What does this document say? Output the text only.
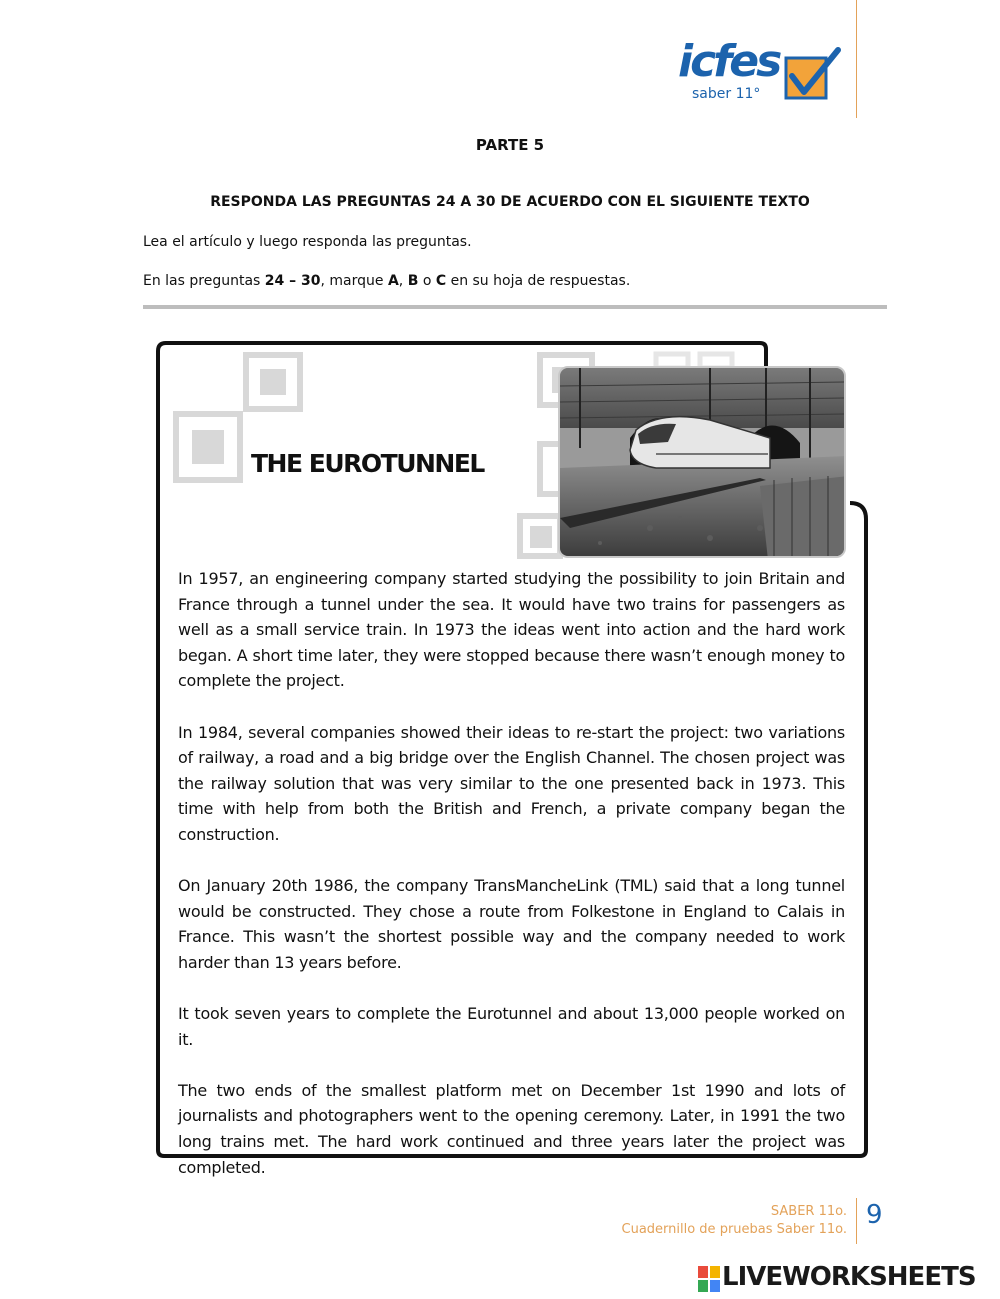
icfes
saber 11°
PARTE 5
RESPONDA LAS PREGUNTAS 24 A 30 DE ACUERDO CON EL SIGUIENTE TEXTO
Lea el artículo y luego responda las preguntas.
En las preguntas 24 – 30, marque A, B o C en su hoja de respuestas.
THE EUROTUNNEL

In 1957, an engineering company started studying the possibility to join Britain and France through a tunnel under the sea. It would have two trains for passengers as well as a small service train. In 1973 the ideas went into action and the hard work began. A short time later, they were stopped because there wasn’t enough money to complete the project.

In 1984, several companies showed their ideas to re-start the project: two variations of railway, a road and a big bridge over the English Channel. The chosen project was the railway solution that was very similar to the one presented back in 1973. This time with help from both the British and French, a private company began the construction.

On January 20th 1986, the company TransMancheLink (TML) said that a long tunnel would be constructed. They chose a route from Folkestone in England to Calais in France. This wasn’t the shortest possible way and the company needed to work harder than 13 years before.

It took seven years to complete the Eurotunnel and about 13,000 people worked on it.

The two ends of the smallest platform met on December 1st 1990 and lots of journalists and photographers went to the opening ceremony. Later, in 1991 the two long trains met. The hard work continued and three years later the project was completed.

SABER 11o.
Cuadernillo de pruebas Saber 11o. 9
LIVEWORKSHEETS
